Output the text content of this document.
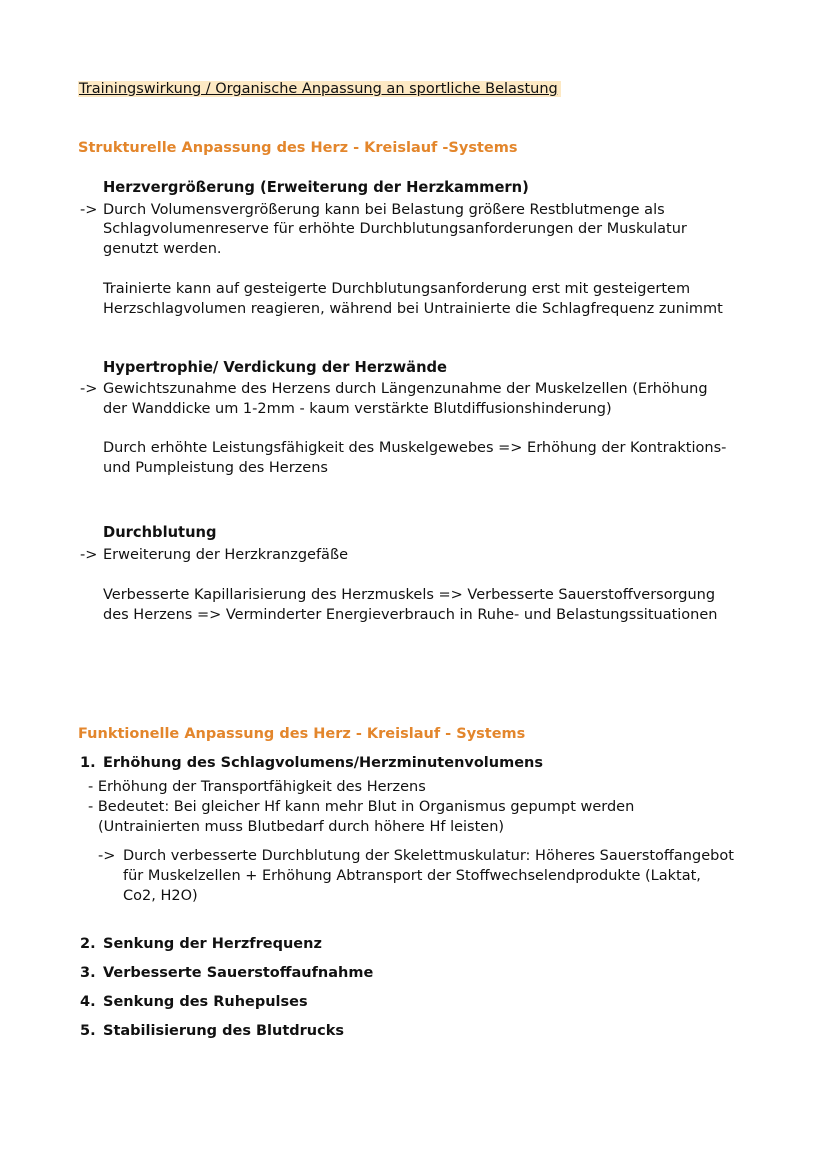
Trainingswirkung / Organische Anpassung an sportliche Belastung
Strukturelle Anpassung des Herz - Kreislauf -Systems
Herzvergrößerung (Erweiterung der Herzkammern)
-> Durch Volumensvergrößerung kann bei Belastung größere Restblutmenge als
Schlagvolumenreserve für erhöhte Durchblutungsanforderungen der Muskulatur
genutzt werden.
Trainierte kann auf gesteigerte Durchblutungsanforderung erst mit gesteigertem
Herzschlagvolumen reagieren, während bei Untrainierte die Schlagfrequenz zunimmt
Hypertrophie/ Verdickung der Herzwände
-> Gewichtszunahme des Herzens durch Längenzunahme der Muskelzellen (Erhöhung
der Wanddicke um 1-2mm - kaum verstärkte Blutdiffusionshinderung)
Durch erhöhte Leistungsfähigkeit des Muskelgewebes => Erhöhung der Kontraktions-
und Pumpleistung des Herzens
Durchblutung
-> Erweiterung der Herzkranzgefäße
Verbesserte Kapillarisierung des Herzmuskels => Verbesserte Sauerstoffversorgung
des Herzens => Verminderter Energieverbrauch in Ruhe- und Belastungssituationen
Funktionelle Anpassung des Herz - Kreislauf - Systems
1. Erhöhung des Schlagvolumens/Herzminutenvolumens
- Erhöhung der Transportfähigkeit des Herzens
- Bedeutet: Bei gleicher Hf kann mehr Blut in Organismus gepumpt werden
(Untrainierten muss Blutbedarf durch höhere Hf leisten)
-> Durch verbesserte Durchblutung der Skelettmuskulatur: Höheres Sauerstoffangebot
für Muskelzellen + Erhöhung Abtransport der Stoffwechselendprodukte (Laktat,
Co2, H2O)
2. Senkung der Herzfrequenz
3. Verbesserte Sauerstoffaufnahme
4. Senkung des Ruhepulses
5. Stabilisierung des Blutdrucks
